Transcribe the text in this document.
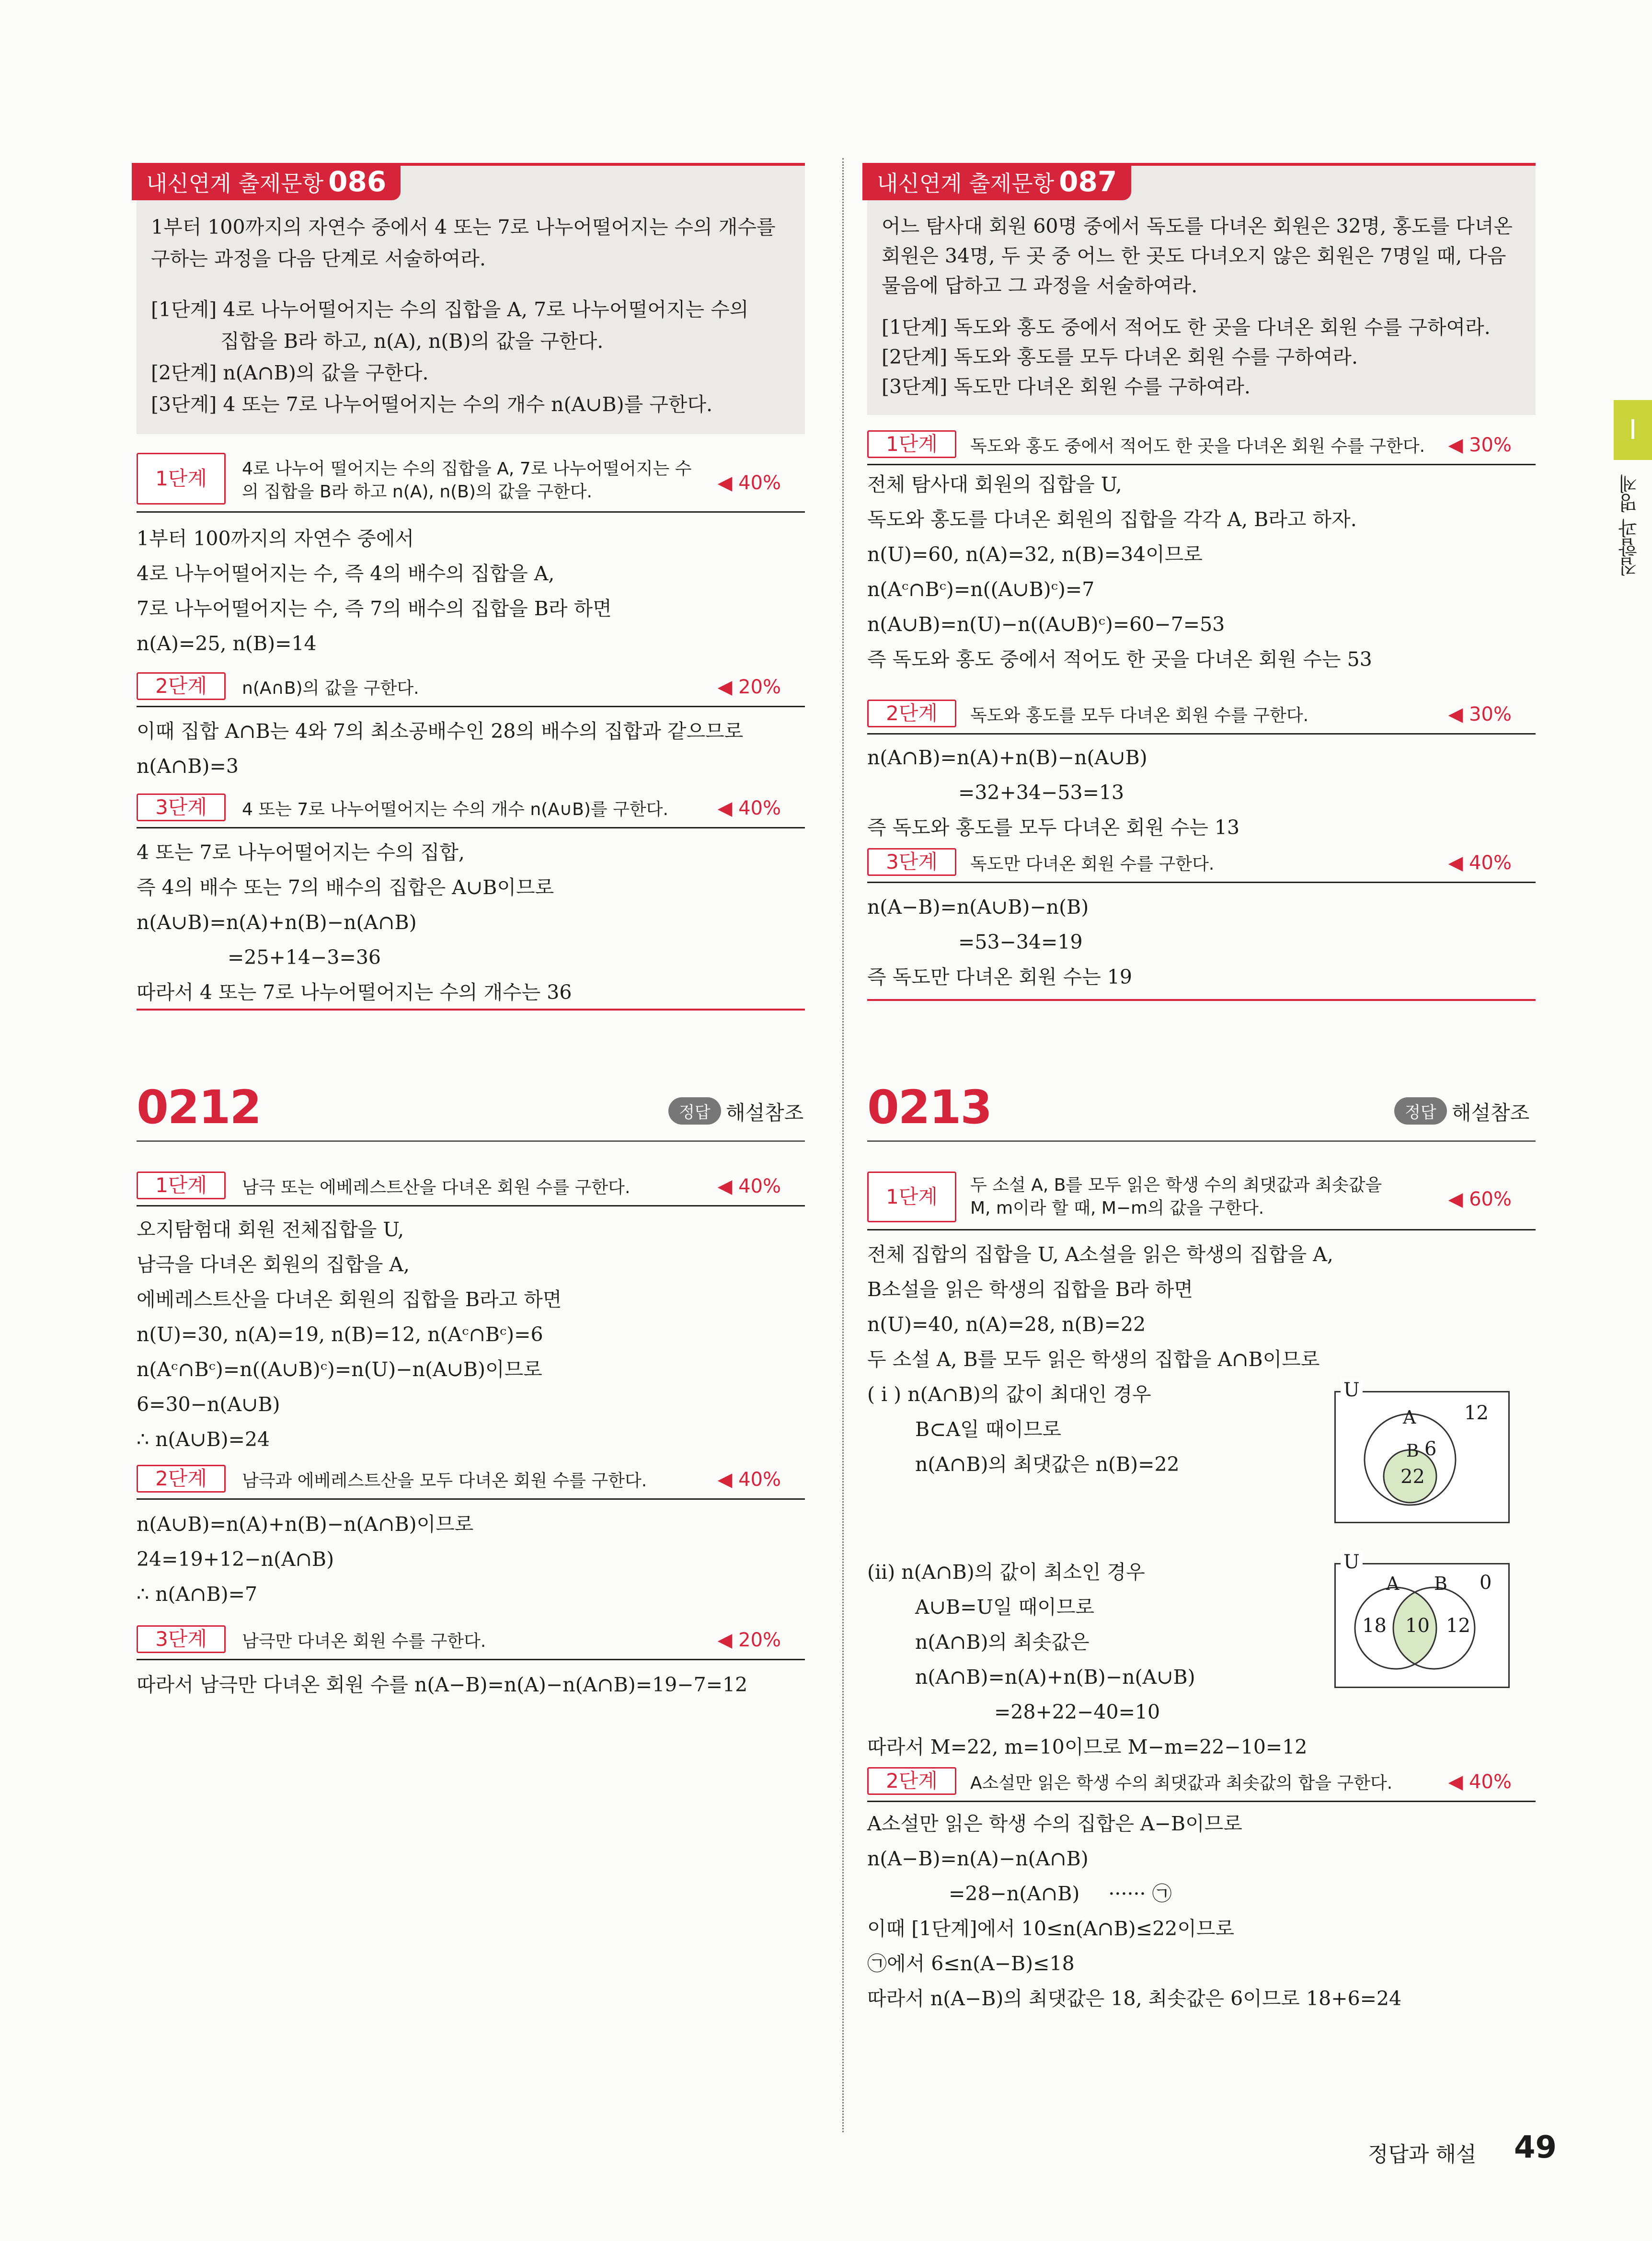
내신연계 출제문항 086
1부터 100까지의 자연수 중에서 4 또는 7로 나누어떨어지는 수의 개수를
구하는 과정을 다음 단계로 서술하여라.
[1단계] 4로 나누어떨어지는 수의 집합을 A, 7로 나누어떨어지는 수의
집합을 B라 하고, n(A), n(B)의 값을 구한다.
[2단계] n(A∩B)의 값을 구한다.
[3단계] 4 또는 7로 나누어떨어지는 수의 개수 n(A∪B)를 구한다.
1단계	4로 나누어 떨어지는 수의 집합을 A, 7로 나누어떨어지는 수
의 집합을 B라 하고 n(A), n(B)의 값을 구한다.	◀ 40%
1부터 100까지의 자연수 중에서
4로 나누어떨어지는 수, 즉 4의 배수의 집합을 A,
7로 나누어떨어지는 수, 즉 7의 배수의 집합을 B라 하면
n(A)=25, n(B)=14
2단계	n(A∩B)의 값을 구한다.	◀ 20%
이때 집합 A∩B는 4와 7의 최소공배수인 28의 배수의 집합과 같으므로
n(A∩B)=3
3단계	4 또는 7로 나누어떨어지는 수의 개수 n(A∪B)를 구한다.	◀ 40%
4 또는 7로 나누어떨어지는 수의 집합,
즉 4의 배수 또는 7의 배수의 집합은 A∪B이므로
n(A∪B)=n(A)+n(B)−n(A∩B)
=25+14−3=36
따라서 4 또는 7로 나누어떨어지는 수의 개수는 36
0212	정답 해설참조
1단계	남극 또는 에베레스트산을 다녀온 회원 수를 구한다.	◀ 40%
오지탐험대 회원 전체집합을 U,
남극을 다녀온 회원의 집합을 A,
에베레스트산을 다녀온 회원의 집합을 B라고 하면
n(U)=30, n(A)=19, n(B)=12, n(Aᶜ∩Bᶜ)=6
n(Aᶜ∩Bᶜ)=n((A∪B)ᶜ)=n(U)−n(A∪B)이므로
6=30−n(A∪B)
∴ n(A∪B)=24
2단계	남극과 에베레스트산을 모두 다녀온 회원 수를 구한다.	◀ 40%
n(A∪B)=n(A)+n(B)−n(A∩B)이므로
24=19+12−n(A∩B)
∴ n(A∩B)=7
3단계	남극만 다녀온 회원 수를 구한다.	◀ 20%
따라서 남극만 다녀온 회원 수를 n(A−B)=n(A)−n(A∩B)=19−7=12
내신연계 출제문항 087
어느 탐사대 회원 60명 중에서 독도를 다녀온 회원은 32명, 홍도를 다녀온
회원은 34명, 두 곳 중 어느 한 곳도 다녀오지 않은 회원은 7명일 때, 다음
물음에 답하고 그 과정을 서술하여라.
[1단계] 독도와 홍도 중에서 적어도 한 곳을 다녀온 회원 수를 구하여라.
[2단계] 독도와 홍도를 모두 다녀온 회원 수를 구하여라.
[3단계] 독도만 다녀온 회원 수를 구하여라.
1단계	독도와 홍도 중에서 적어도 한 곳을 다녀온 회원 수를 구한다. ◀ 30%
전체 탐사대 회원의 집합을 U,
독도와 홍도를 다녀온 회원의 집합을 각각 A, B라고 하자.
n(U)=60, n(A)=32, n(B)=34이므로
n(Aᶜ∩Bᶜ)=n((A∪B)ᶜ)=7
n(A∪B)=n(U)−n((A∪B)ᶜ)=60−7=53
즉 독도와 홍도 중에서 적어도 한 곳을 다녀온 회원 수는 53
2단계	독도와 홍도를 모두 다녀온 회원 수를 구한다.	◀ 30%
n(A∩B)=n(A)+n(B)−n(A∪B)
=32+34−53=13
즉 독도와 홍도를 모두 다녀온 회원 수는 13
3단계	독도만 다녀온 회원 수를 구한다.	◀ 40%
n(A−B)=n(A∪B)−n(B)
=53−34=19
즉 독도만 다녀온 회원 수는 19
0213	정답 해설참조
1단계	두 소설 A, B를 모두 읽은 학생 수의 최댓값과 최솟값을
M, m이라 할 때, M−m의 값을 구한다.	◀ 60%
전체 집합의 집합을 U, A소설을 읽은 학생의 집합을 A,
B소설을 읽은 학생의 집합을 B라 하면
n(U)=40, n(A)=28, n(B)=22
두 소설 A, B를 모두 읽은 학생의 집합을 A∩B이므로
( i ) n(A∩B)의 값이 최대인 경우
B⊂A일 때이므로
n(A∩B)의 최댓값은 n(B)=22
U
A	12
B 6
22
(ii) n(A∩B)의 값이 최소인 경우
A∪B=U일 때이므로
n(A∩B)의 최솟값은
n(A∩B)=n(A)+n(B)−n(A∪B)
=28+22−40=10
따라서 M=22, m=10이므로 M−m=22−10=12
U
A B 0
18 10 12
2단계	A소설만 읽은 학생 수의 최댓값과 최솟값의 합을 구한다.	◀ 40%
A소설만 읽은 학생 수의 집합은 A−B이므로
n(A−B)=n(A)−n(A∩B)
=28−n(A∩B) ······ ㉠
이때 [1단계]에서 10≤n(A∩B)≤22이므로
㉠에서 6≤n(A−B)≤18
따라서 n(A−B)의 최댓값은 18, 최솟값은 6이므로 18+6=24
I
집합과 명제
정답과 해설 49
